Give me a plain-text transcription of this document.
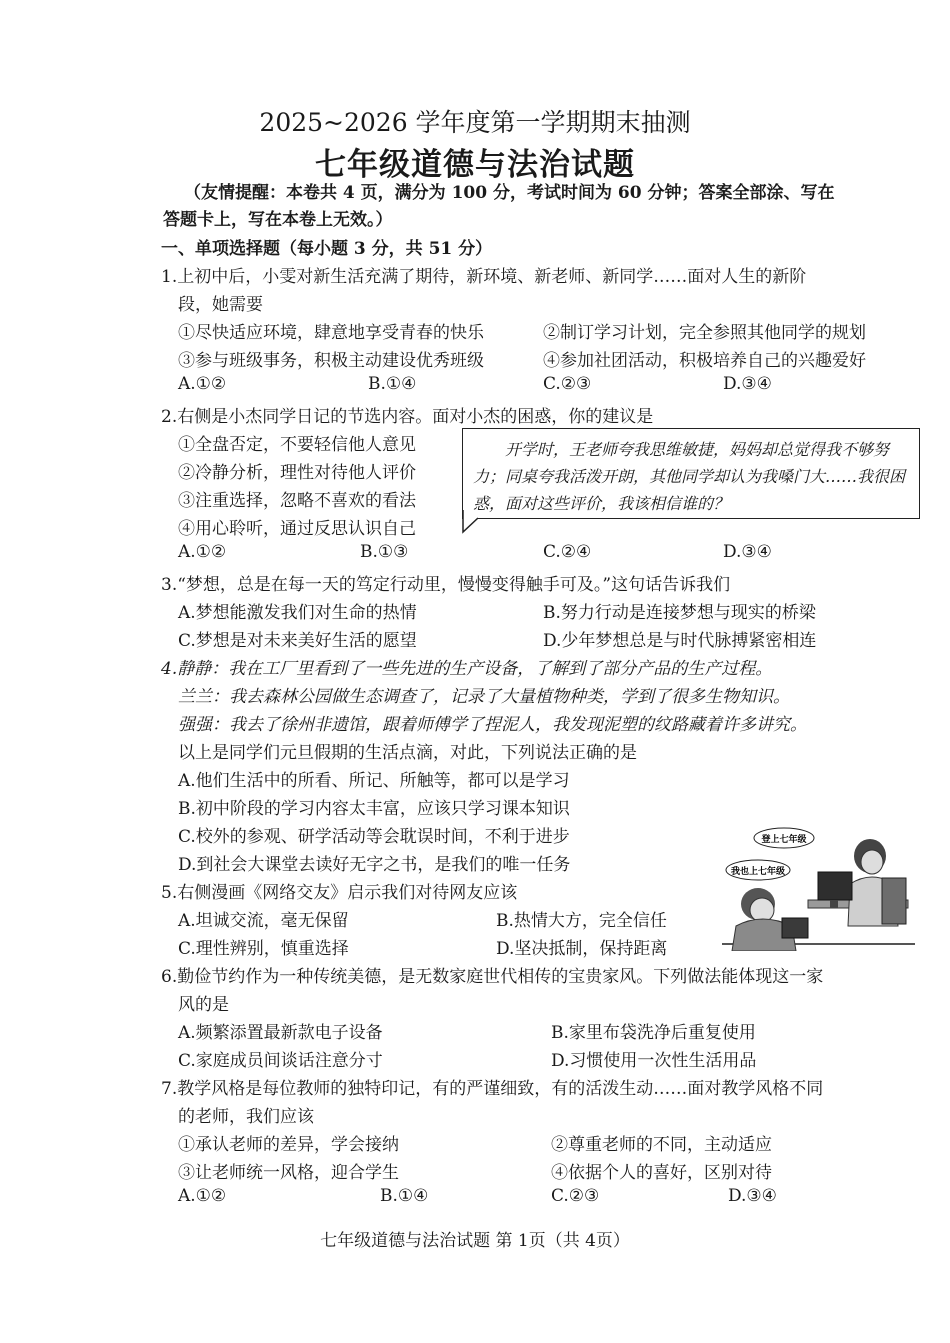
2025~2026 学年度第一学期期末抽测
七年级道德与法治试题
（友情提醒：本卷共 4 页，满分为 100 分，考试时间为 60 分钟；答案全部涂、写在
答题卡上，写在本卷上无效。）
一、单项选择题（每小题 3 分，共 51 分）
1.上初中后，小雯对新生活充满了期待，新环境、新老师、新同学……面对人生的新阶
段，她需要
①尽快适应环境，肆意地享受青春的快乐	②制订学习计划，完全参照其他同学的规划
③参与班级事务，积极主动建设优秀班级	④参加社团活动，积极培养自己的兴趣爱好
A.①②	B.①④	C.②③	D.③④
2.右侧是小杰同学日记的节选内容。面对小杰的困惑，你的建议是
①全盘否定，不要轻信他人意见
②冷静分析，理性对待他人评价
③注重选择，忽略不喜欢的看法
④用心聆听，通过反思认识自己
开学时，王老师夸我思维敏捷，妈妈却总觉得我不够努力；同桌夸我活泼开朗，其他同学却认为我嗓门大……我很困惑，面对这些评价，我该相信谁的？
A.①②	B.①③	C.②④	D.③④
3.“梦想，总是在每一天的笃定行动里，慢慢变得触手可及。”这句话告诉我们
A.梦想能激发我们对生命的热情	B.努力行动是连接梦想与现实的桥梁
C.梦想是对未来美好生活的愿望	D.少年梦想总是与时代脉搏紧密相连
4.静静：我在工厂里看到了一些先进的生产设备，了解到了部分产品的生产过程。
兰兰：我去森林公园做生态调查了，记录了大量植物种类，学到了很多生物知识。
强强：我去了徐州非遗馆，跟着师傅学了捏泥人，我发现泥塑的纹路藏着许多讲究。
以上是同学们元旦假期的生活点滴，对此，下列说法正确的是
A.他们生活中的所看、所记、所触等，都可以是学习
B.初中阶段的学习内容太丰富，应该只学习课本知识
C.校外的参观、研学活动等会耽误时间，不利于进步
D.到社会大课堂去读好无字之书，是我们的唯一任务
登上七年级
我也上七年级
5.右侧漫画《网络交友》启示我们对待网友应该
A.坦诚交流，毫无保留	B.热情大方，完全信任
C.理性辨别，慎重选择	D.坚决抵制，保持距离
6.勤俭节约作为一种传统美德，是无数家庭世代相传的宝贵家风。下列做法能体现这一家
风的是
A.频繁添置最新款电子设备	B.家里布袋洗净后重复使用
C.家庭成员间谈话注意分寸	D.习惯使用一次性生活用品
7.教学风格是每位教师的独特印记，有的严谨细致，有的活泼生动……面对教学风格不同
的老师，我们应该
①承认老师的差异，学会接纳	②尊重老师的不同，主动适应
③让老师统一风格，迎合学生	④依据个人的喜好，区别对待
A.①②	B.①④	C.②③	D.③④
七年级道德与法治试题 第 1页（共 4页）
